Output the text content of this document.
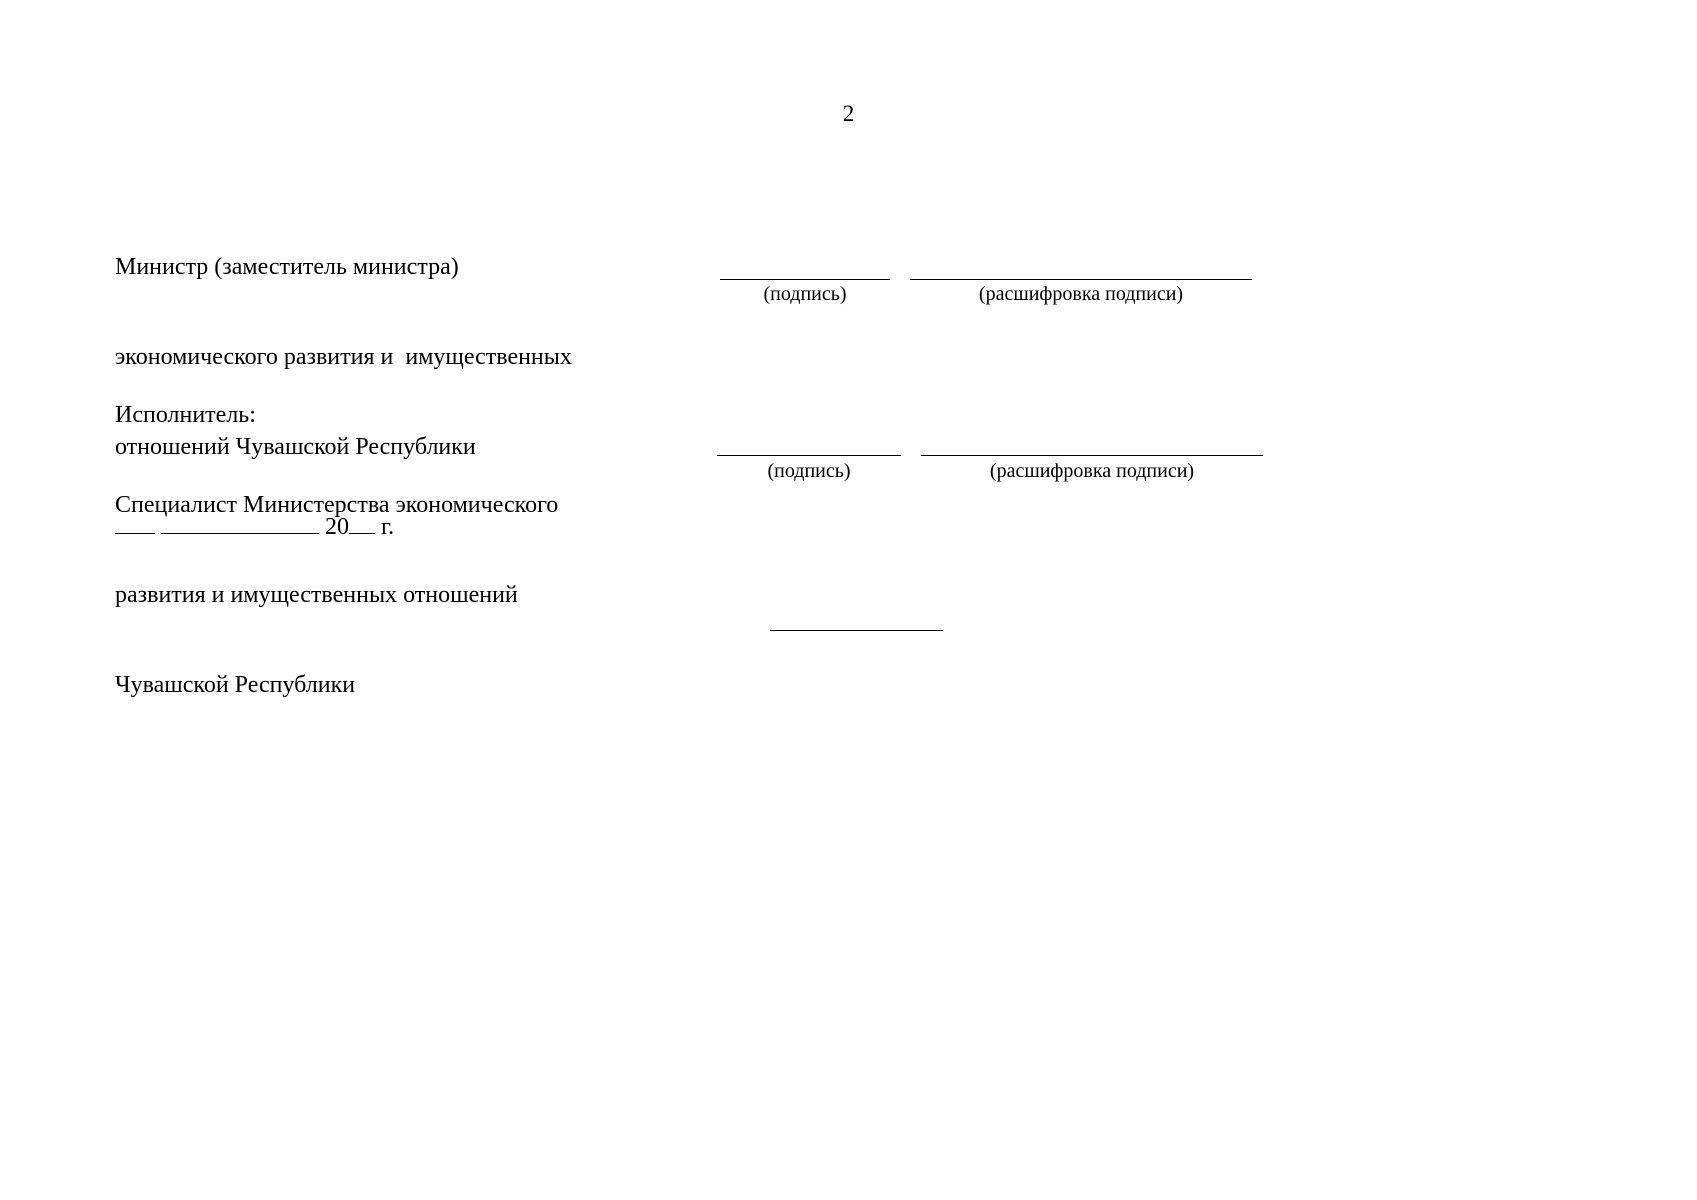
2

Министр (заместитель министра)

экономического развития и  имущественных

отношений Чувашской Республики

(подпись)	(расшифровка подписи)

Исполнитель:

Специалист Министерства экономического

развития и имущественных отношений

Чувашской Республики

(подпись)	(расшифровка подписи)
20 г.
